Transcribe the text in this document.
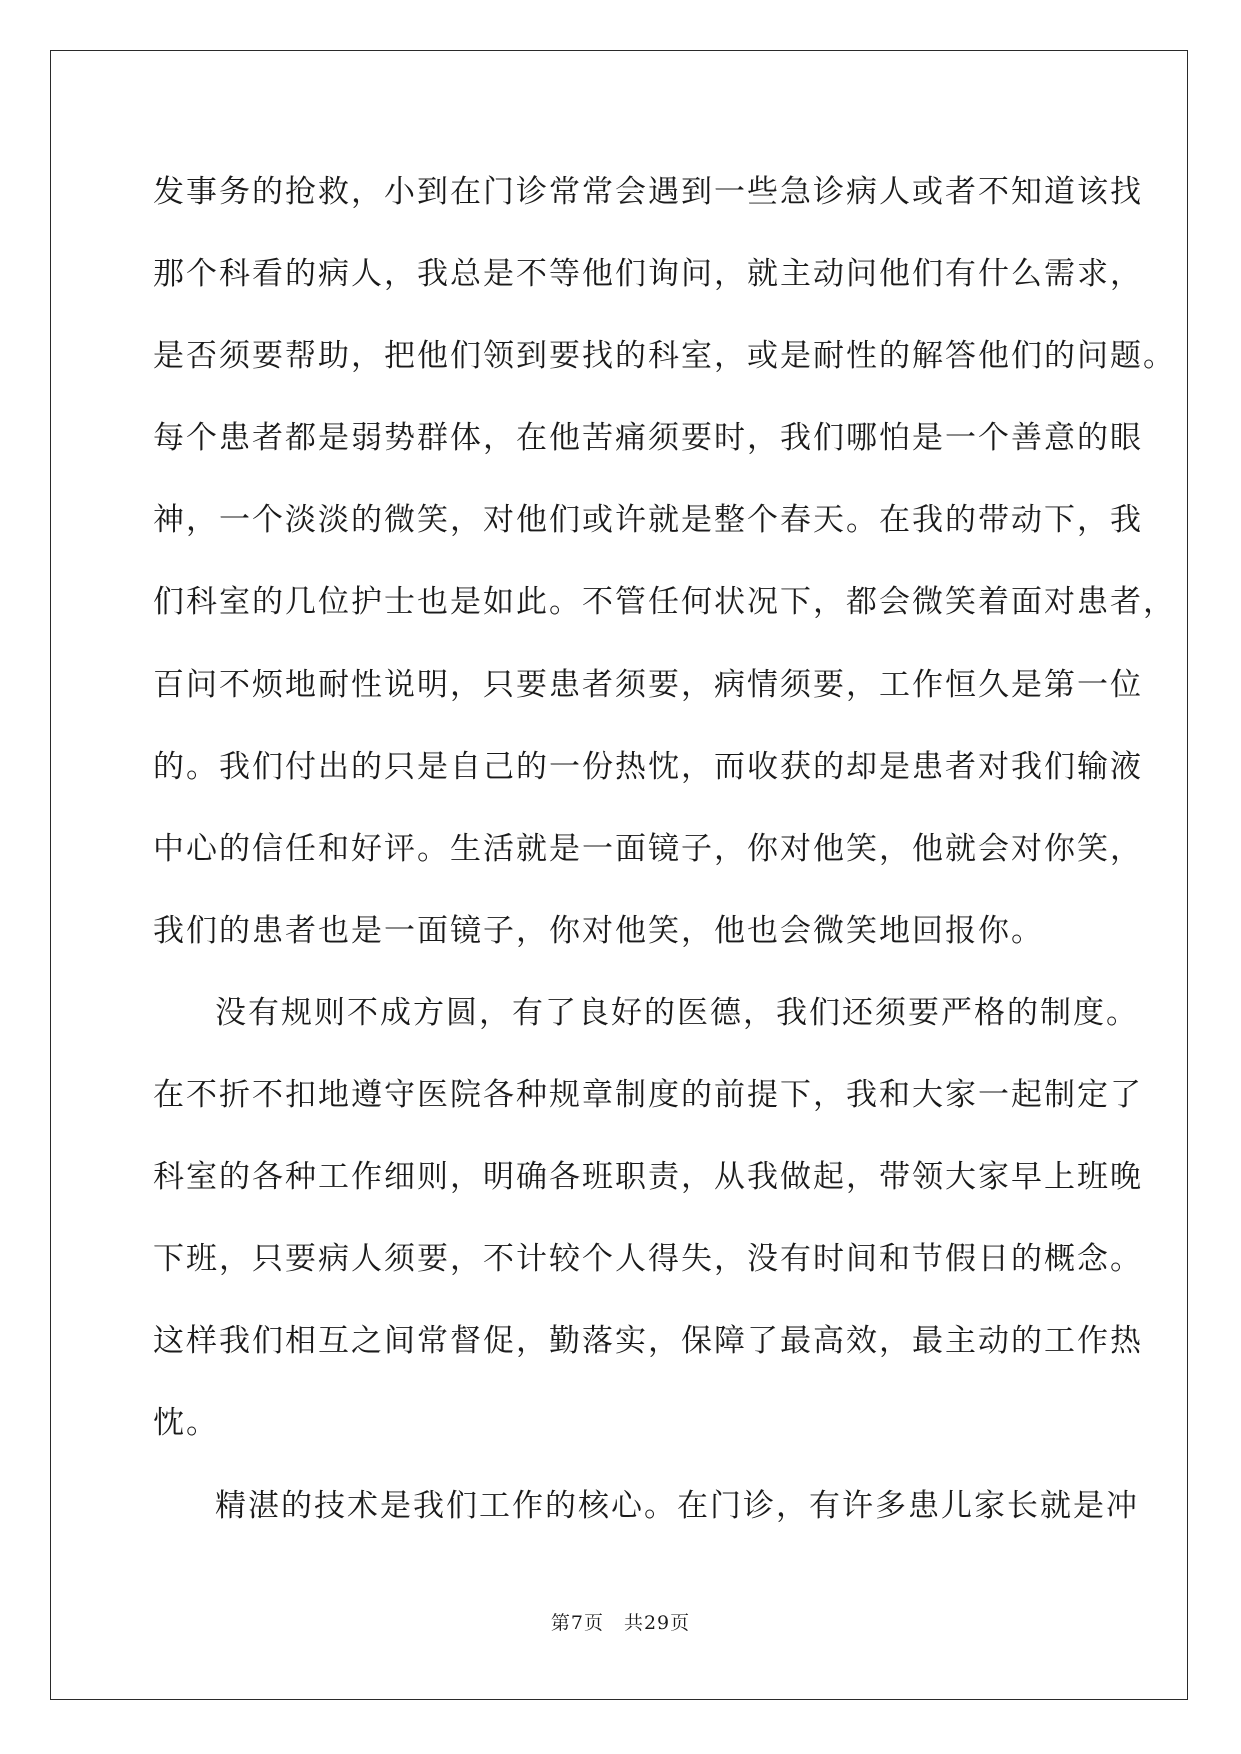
发事务的抢救，小到在门诊常常会遇到一些急诊病人或者不知道该找
那个科看的病人，我总是不等他们询问，就主动问他们有什么需求，
是否须要帮助，把他们领到要找的科室，或是耐性的解答他们的问题。
每个患者都是弱势群体，在他苦痛须要时，我们哪怕是一个善意的眼
神，一个淡淡的微笑，对他们或许就是整个春天。在我的带动下，我
们科室的几位护士也是如此。不管任何状况下，都会微笑着面对患者，
百问不烦地耐性说明，只要患者须要，病情须要，工作恒久是第一位
的。我们付出的只是自己的一份热忱，而收获的却是患者对我们输液
中心的信任和好评。生活就是一面镜子，你对他笑，他就会对你笑，
我们的患者也是一面镜子，你对他笑，他也会微笑地回报你。
没有规则不成方圆，有了良好的医德，我们还须要严格的制度。
在不折不扣地遵守医院各种规章制度的前提下，我和大家一起制定了
科室的各种工作细则，明确各班职责，从我做起，带领大家早上班晚
下班，只要病人须要，不计较个人得失，没有时间和节假日的概念。
这样我们相互之间常督促，勤落实，保障了最高效，最主动的工作热
忱。
精湛的技术是我们工作的核心。在门诊，有许多患儿家长就是冲
第7页 共29页
